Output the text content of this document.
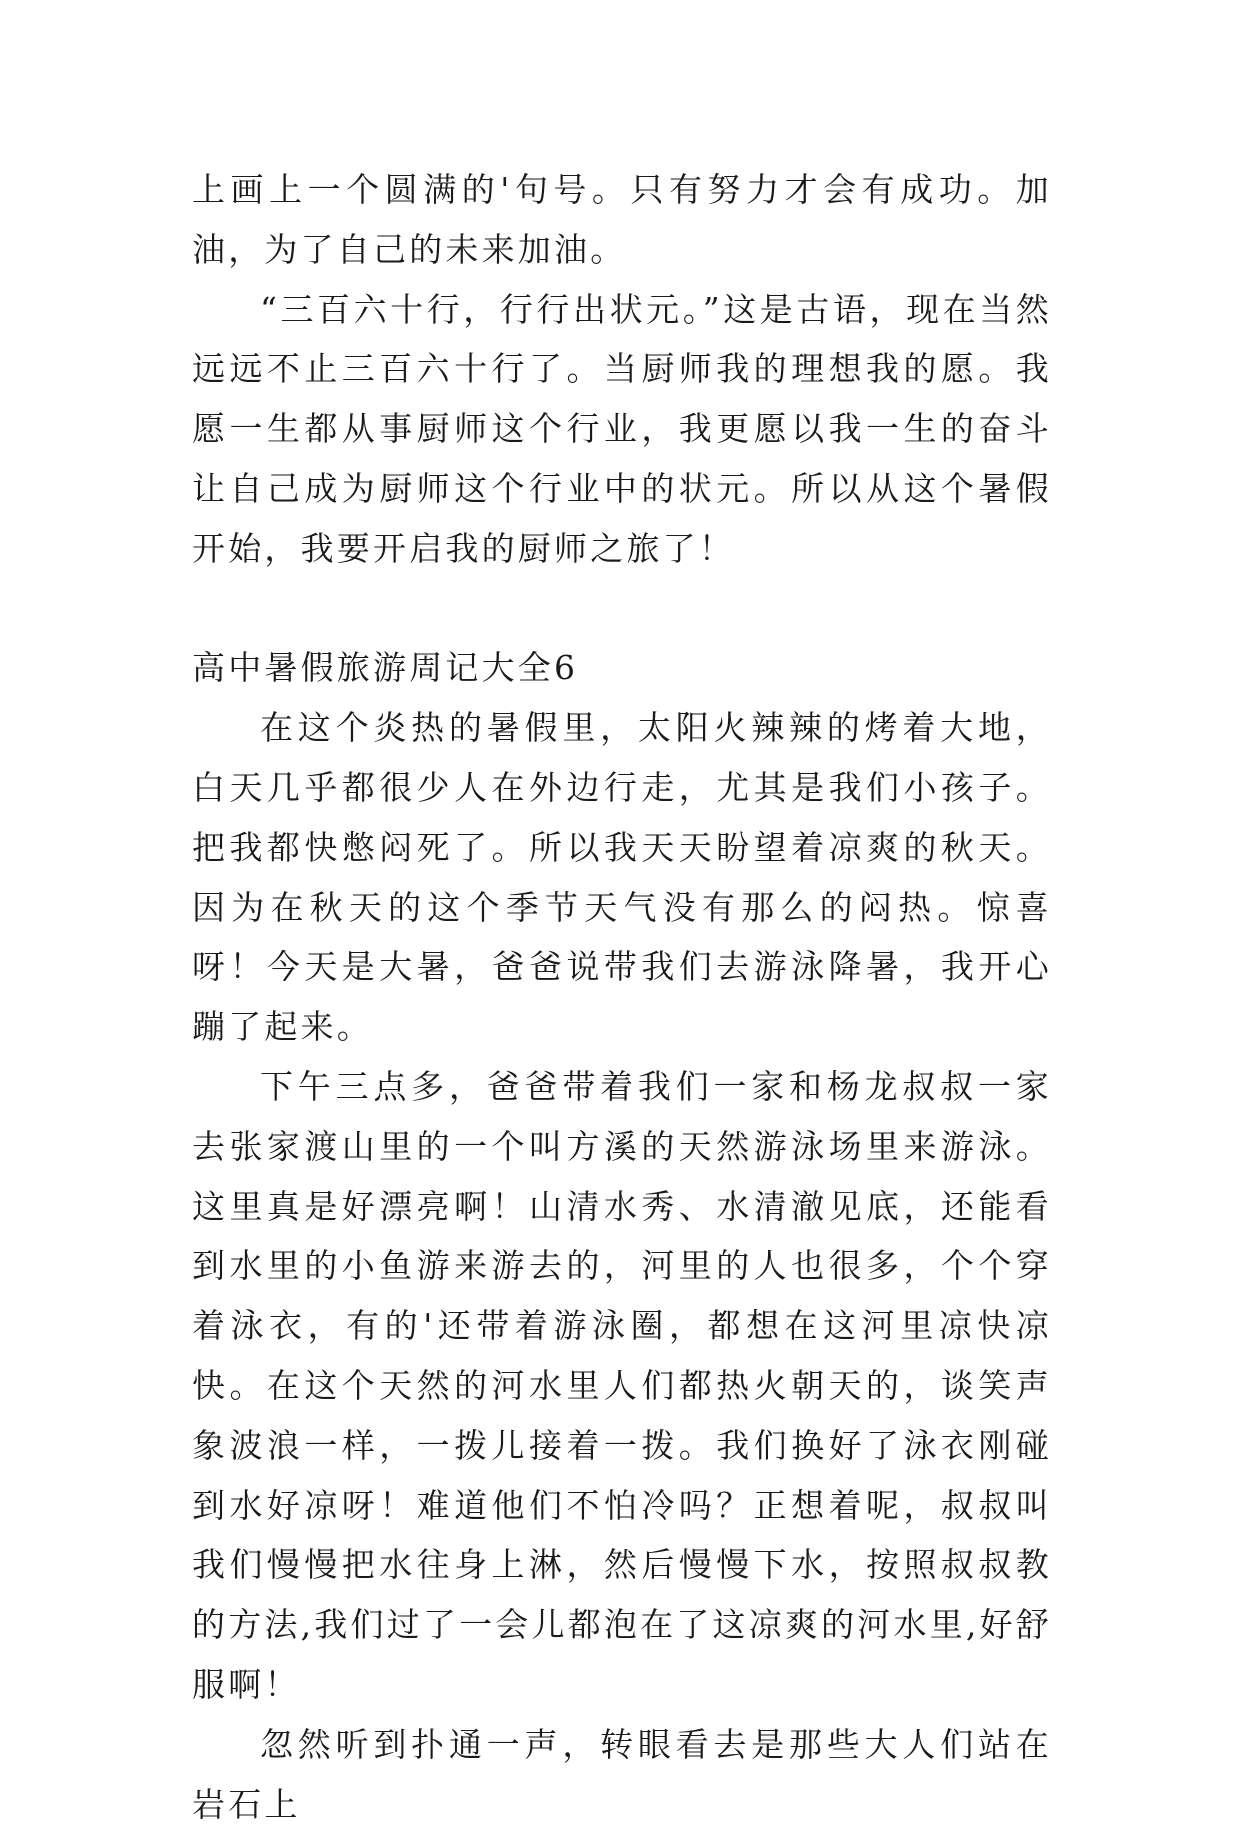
上画上一个圆满的'句号。只有努力才会有成功。加油，为了自己的未来加油。

“三百六十行，行行出状元。”这是古语，现在当然远远不止三百六十行了。当厨师我的理想我的愿。我愿一生都从事厨师这个行业，我更愿以我一生的奋斗让自己成为厨师这个行业中的状元。所以从这个暑假开始，我要开启我的厨师之旅了！

高中暑假旅游周记大全6

在这个炎热的暑假里，太阳火辣辣的烤着大地，白天几乎都很少人在外边行走，尤其是我们小孩子。把我都快憋闷死了。所以我天天盼望着凉爽的秋天。因为在秋天的这个季节天气没有那么的闷热。惊喜呀！今天是大暑，爸爸说带我们去游泳降暑，我开心蹦了起来。

下午三点多，爸爸带着我们一家和杨龙叔叔一家去张家渡山里的一个叫方溪的天然游泳场里来游泳。这里真是好漂亮啊！山清水秀、水清澈见底，还能看到水里的小鱼游来游去的，河里的人也很多，个个穿着泳衣，有的'还带着游泳圈，都想在这河里凉快凉快。在这个天然的河水里人们都热火朝天的，谈笑声象波浪一样，一拨儿接着一拨。我们换好了泳衣刚碰到水好凉呀！难道他们不怕冷吗？正想着呢，叔叔叫我们慢慢把水往身上淋，然后慢慢下水，按照叔叔教的方法,我们过了一会儿都泡在了这凉爽的河水里,好舒服啊！

忽然听到扑通一声，转眼看去是那些大人们站在岩石上
